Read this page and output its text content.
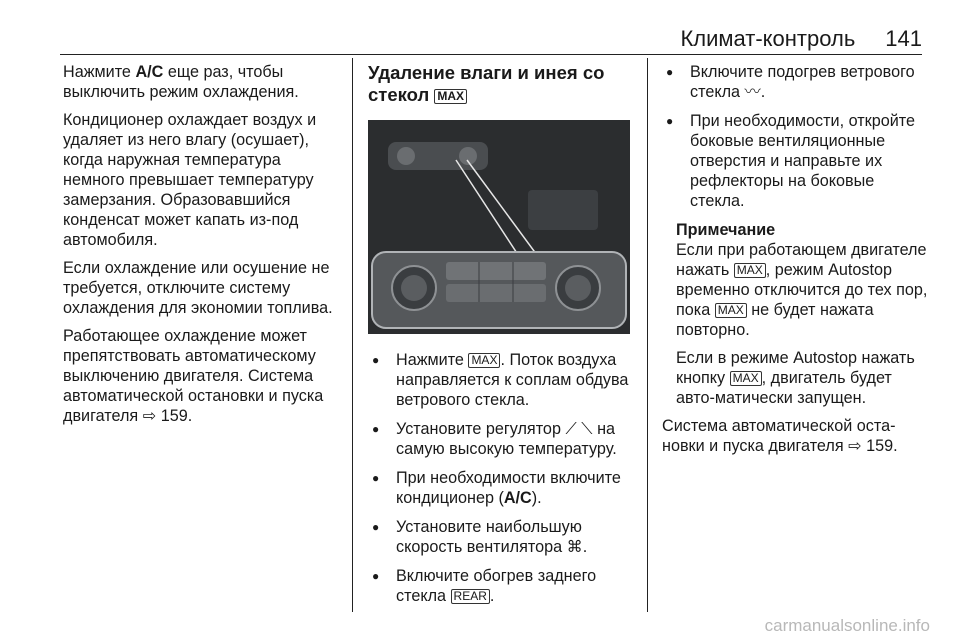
Климат-контроль 141

Нажмите A/C еще раз, чтобы выключить режим охлаждения.

Кондиционер охлаждает воздух и удаляет из него влагу (осушает), когда наружная температура немного превышает температуру замерзания. Образовавшийся конденсат может капать из-под автомобиля.

Если охлаждение или осушение не требуется, отключите систему охлаждения для экономии топлива.

Работающее охлаждение может препятствовать автоматическому выключению двигателя. Система автоматической остановки и пуска двигателя ⇨ 159.

Удаление влаги и инея со стекол MAX
● Нажмите MAX . Поток воздуха направляется к соплам обдува ветрового стекла.
● Установите регулятор ⟋ ⟍ на самую высокую температуру.
● При необходимости включите кондиционер (A/C).
● Установите наибольшую скорость вентилятора ⌘.
● Включите обогрев заднего стекла REAR .
● Включите подогрев ветрового стекла 〰.
● При необходимости, откройте боковые вентиляционные отверстия и направьте их рефлекторы на боковые стекла.
Примечание

Если при работающем двигателе нажать MAX , режим Autostop временно отключится до тех пор, пока MAX не будет нажата повторно.

Если в режиме Autostop нажать кнопку MAX , двигатель будет авто-матически запущен.

Система автоматической оста-новки и пуска двигателя ⇨ 159.

carmanualsonline.info
